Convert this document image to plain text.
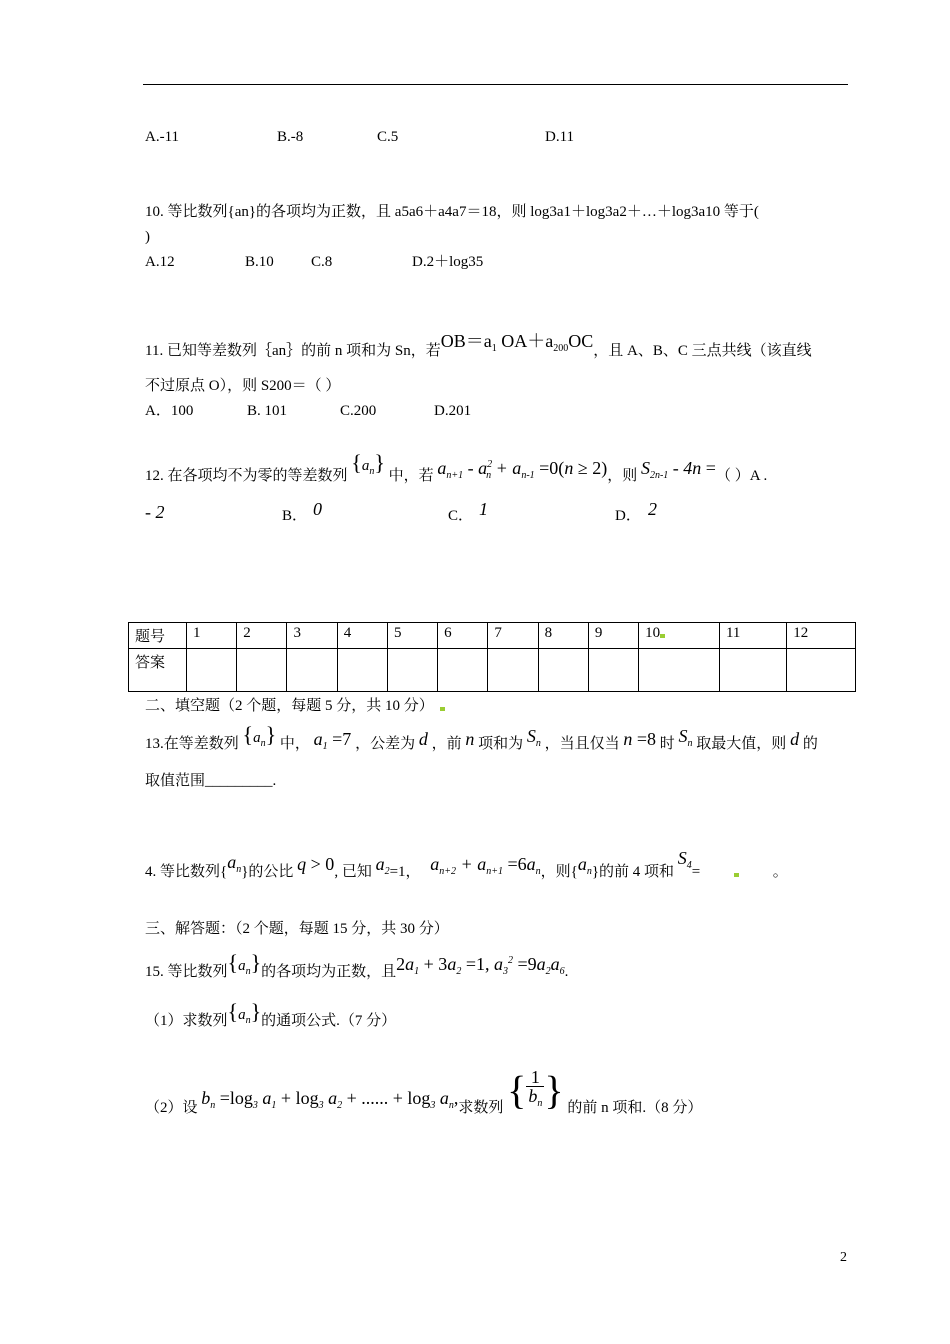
A.-11	B.-8	C.5	D.11
10. 等比数列{an}的各项均为正数，且 a5a6＋a4a7＝18，则 log3a1＋log3a2＋…＋log3a10 等于(
)
A.12	B.10 C.8	D.2＋log35
11. 已知等差数列｛an｝的前 n 项和为 Sn，若$OB=a_1$ $OA+a_{200}OC$，且 A、B、C 三点共线（该直线
不过原点 O），则 S200＝（ ）
A．100	B. 101	C.200	D.201
12. 在各项均不为零的等差数列 $\{a_n\}$ 中，若 $a_{n+1} - a^2_n + a_{n-1} =0(n \ge 2)$，则 $S_{2n-1} - 4n$ =（ ）A .
- 2	B． 0	C． 1	D． 2
题号	1	2	3	4	5	6	7	8	9	10	11	12
答案												
二、填空题（2 个题，每题 5 分，共 10 分）
13.在等差数列 $\{a_n\}$ 中， $a_1 =7$ ，公差为 d ，前 n 项和为 $S_n$ ，当且仅当 n =8 时 $S_n$ 取最大值，则 d 的
取值范围_________.
4. 等比数列$\{a_n\}$的公比 q > 0, 已知 $a_2=1$， $a_{n+2} + a_{n+1} =6a_n$，则$\{a_n\}$的前 4 项和 $S_4=$	。
三、解答题：（2 个题，每题 15 分，共 30 分）
15. 等比数列$\{a_n\}$的各项均为正数，且$2a_1 + 3a_2 =1$, $a_3^2 =9a_2a_6$.
（1）求数列$\{a_n\}$的通项公式.（7 分）
（2）设 $b_n =\log_3$ $a_1 + \log_3 a_2$ + ...... + $\log_3 a_n$,求数列 { $\frac{1}{b_n}$ } 的前 n 项和.（8 分）
2
